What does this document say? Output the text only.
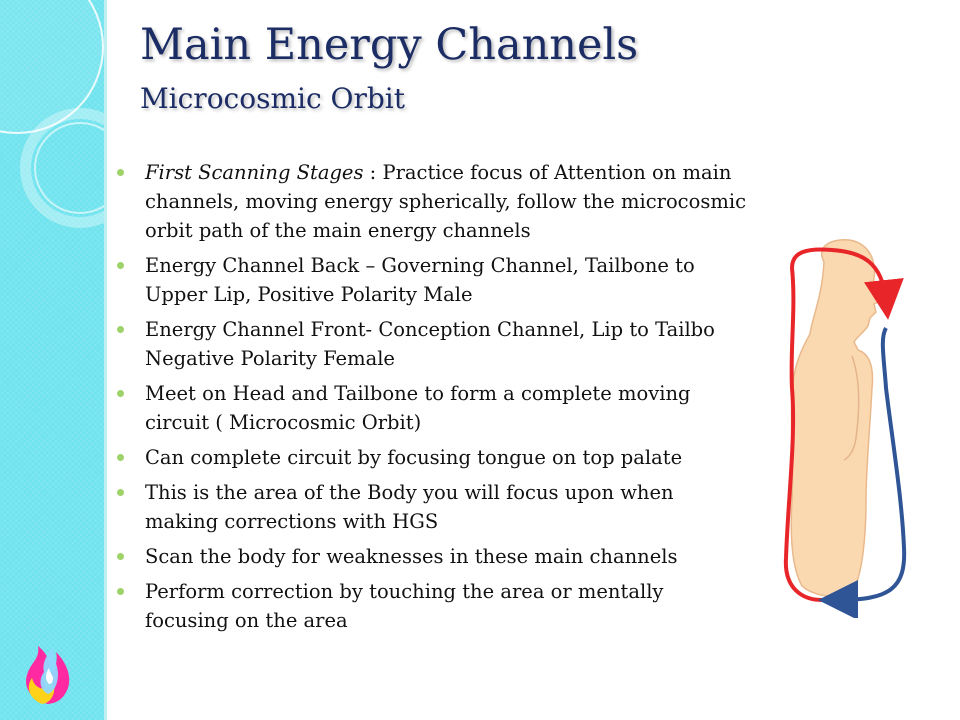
Main Energy Channels
Microcosmic Orbit
First Scanning Stages : Practice focus of Attention on main
channels, moving energy spherically, follow the microcosmic
orbit path of the main energy channels
Energy Channel Back – Governing Channel, Tailbone to
Upper Lip, Positive Polarity Male
Energy Channel Front- Conception Channel, Lip to Tailbo
Negative Polarity Female
Meet on Head and Tailbone to form a complete moving
circuit ( Microcosmic Orbit)
Can complete circuit by focusing tongue on top palate
This is the area of the Body you will focus upon when
making corrections with HGS
Scan the body for weaknesses in these main channels
Perform correction by touching the area or mentally
focusing on the area
